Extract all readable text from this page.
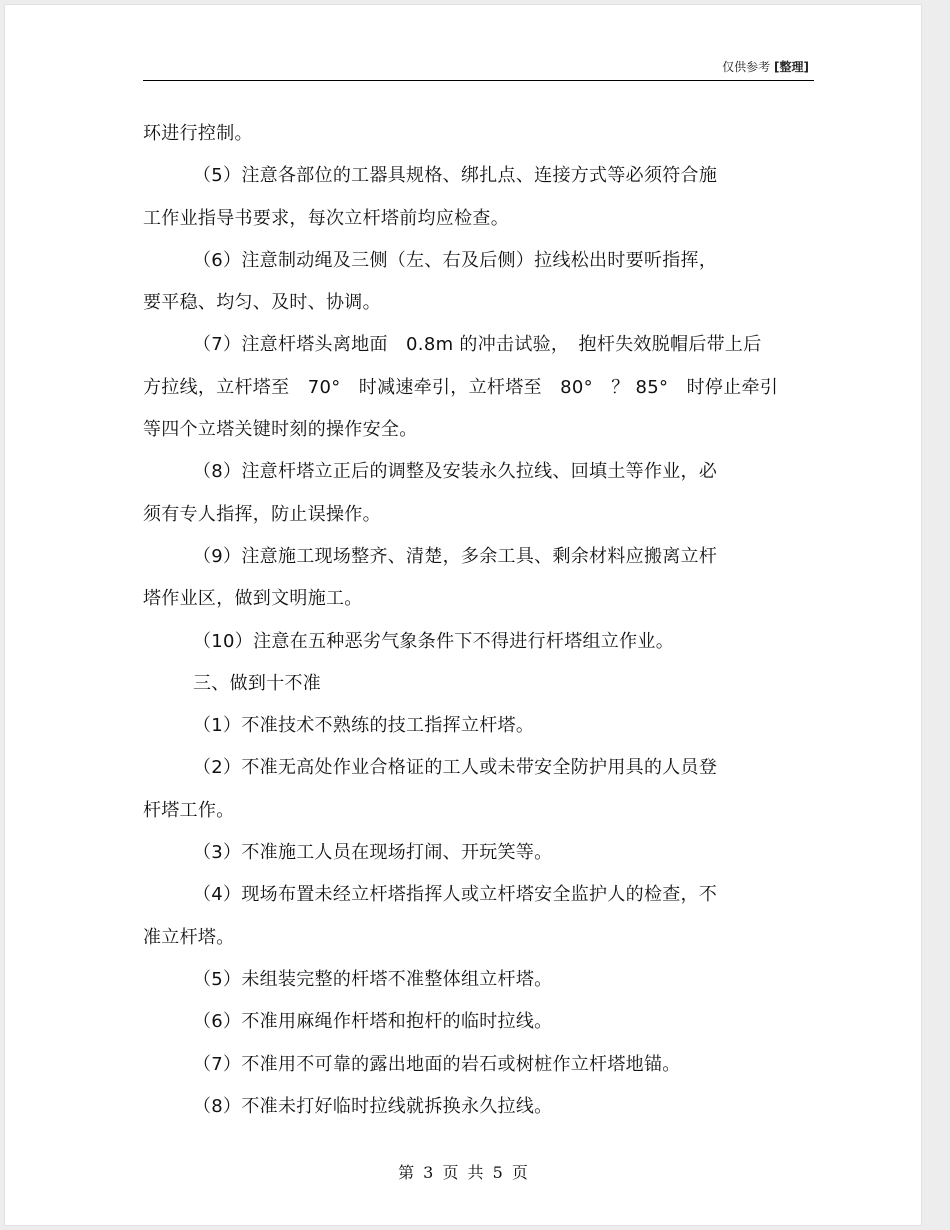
仅供参考 [整理]
环进行控制。
（5）注意各部位的工器具规格、绑扎点、连接方式等必须符合施
工作业指导书要求，每次立杆塔前均应检查。
（6）注意制动绳及三侧（左、右及后侧）拉线松出时要听指挥，
要平稳、均匀、及时、协调。
（7）注意杆塔头离地面　0.8m 的冲击试验，　抱杆失效脱帽后带上后
方拉线，立杆塔至　70°　时减速牵引，立杆塔至　80°　？ 85°　时停止牵引
等四个立塔关键时刻的操作安全。
（8）注意杆塔立正后的调整及安装永久拉线、回填土等作业，必
须有专人指挥，防止误操作。
（9）注意施工现场整齐、清楚，多余工具、剩余材料应搬离立杆
塔作业区，做到文明施工。
（10）注意在五种恶劣气象条件下不得进行杆塔组立作业。
三、做到十不准
（1）不准技术不熟练的技工指挥立杆塔。
（2）不准无高处作业合格证的工人或未带安全防护用具的人员登
杆塔工作。
（3）不准施工人员在现场打闹、开玩笑等。
（4）现场布置未经立杆塔指挥人或立杆塔安全监护人的检查，不
准立杆塔。
（5）未组装完整的杆塔不准整体组立杆塔。
（6）不准用麻绳作杆塔和抱杆的临时拉线。
（7）不准用不可靠的露出地面的岩石或树桩作立杆塔地锚。
（8）不准未打好临时拉线就拆换永久拉线。
第 3 页 共 5 页
